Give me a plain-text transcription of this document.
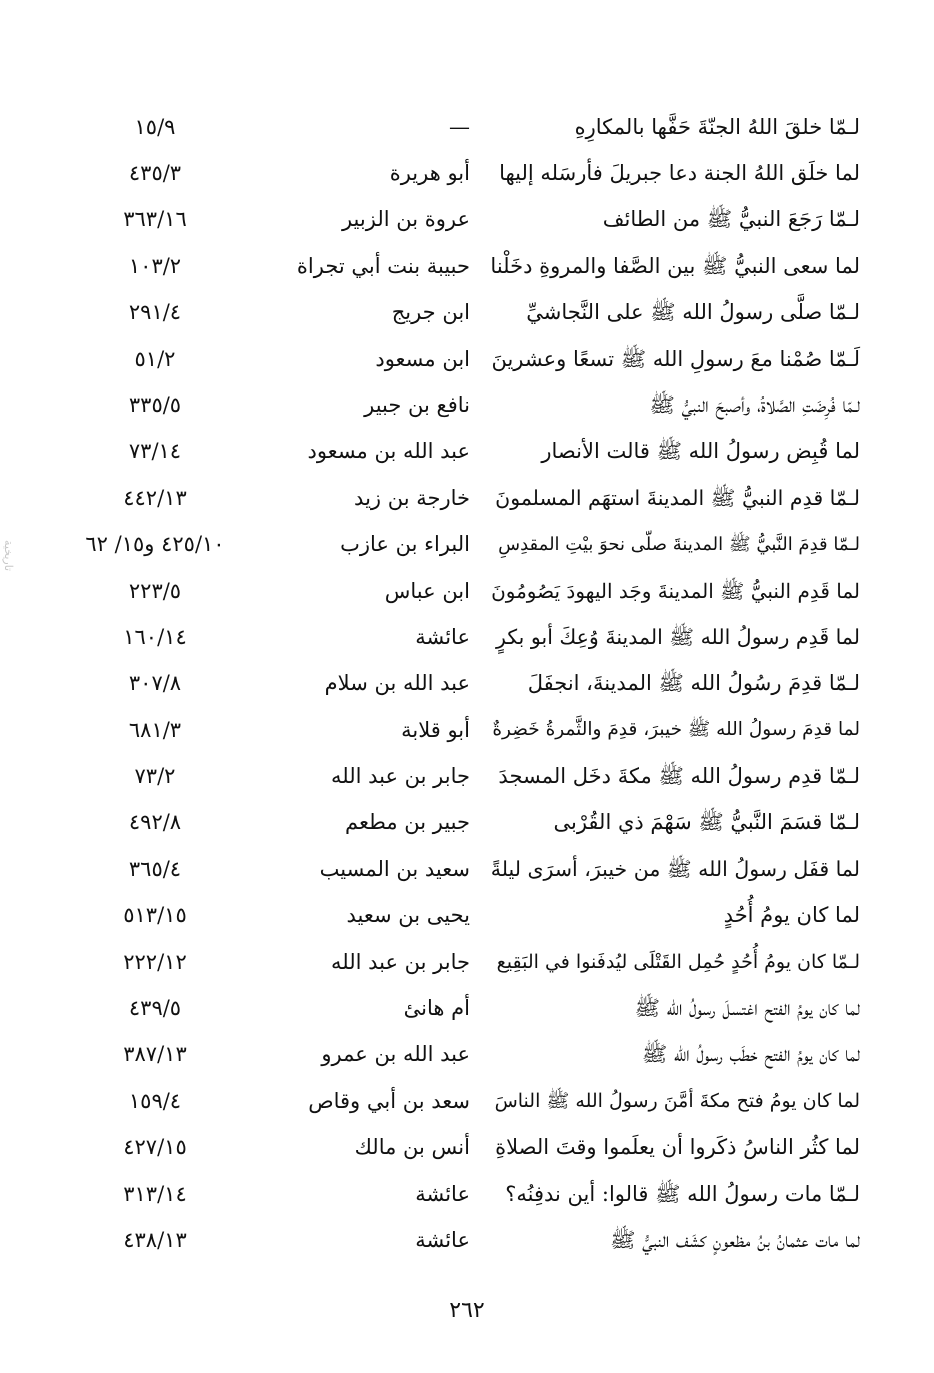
لـمّا خلقَ اللهُ الجنّةَ حَفَّها بالمكارِهِ
—
١٥/٩
لما خلَق اللهُ الجنة دعا جبريلَ فأرسَله إليها
أبو هريرة
٤٣٥/٣
لـمّا رَجَعَ النبيُّ ﷺ من الطائف
عروة بن الزبير
٣٦٣/١٦
لما سعى النبيُّ ﷺ بين الصَّفا والمروةِ دخَلْنا
حبيبة بنت أبي تجراة
١٠٣/٢
لـمّا صلَّى رسولُ الله ﷺ على النَّجاشيِّ
ابن جريج
٢٩١/٤
لَـمّا صُمْنا معَ رسولِ الله ﷺ تسعًا وعشرينَ
ابن مسعود
٥١/٢
لـمّا فُرِضَتِ الصَّلاةُ، وأصبحَ النبيُّ ﷺ
نافع بن جبير
٣٣٥/٥
لما قُبِض رسولُ الله ﷺ قالت الأنصار
عبد الله بن مسعود
٧٣/١٤
لـمّا قدِم النبيُّ ﷺ المدينةَ استهَم المسلمونَ
خارجة بن زيد
٤٤٢/١٣
لـمّا قدِمَ النَّبيُّ ﷺ المدينةَ صلّى نحوَ بيْتِ المقدِسِ
البراء بن عازب
٤٢٥/١٠ و١٥/ ٦٢
لما قَدِم النبيُّ ﷺ المدينةَ وجَد اليهودَ يَصُومُونَ
ابن عباس
٢٢٣/٥
لما قَدِم رسولُ الله ﷺ المدينةَ وُعِكَ أبو بكرٍ
عائشة
١٦٠/١٤
لـمّا قدِمَ رسُولُ الله ﷺ المدينةَ، انجفَلَ
عبد الله بن سلام
٣٠٧/٨
لما قدِمَ رسولُ الله ﷺ خيبرَ، قدِمَ والثَّمرةُ خَضِرةٌ
أبو قلابة
٦٨١/٣
لـمّا قدِم رسولُ الله ﷺ مكةَ دخَل المسجدَ
جابر بن عبد الله
٧٣/٢
لـمّا قسَمَ النَّبيُّ ﷺ سَهْمَ ذي القُرْبى
جبير بن مطعم
٤٩٢/٨
لما قفَل رسولُ الله ﷺ من خيبرَ، أسرَى ليلةً
سعيد بن المسيب
٣٦٥/٤
لما كان يومُ أُحُدٍ
يحيى بن سعيد
٥١٣/١٥
لـمّا كان يومُ أُحُدٍ حُمِل القَتْلَى ليُدفَنوا في البَقِيع
جابر بن عبد الله
٢٢٢/١٢
لما كان يومُ الفتح اغتسلَ رسولُ الله ﷺ
أم هانئ
٤٣٩/٥
لما كان يومُ الفتح خطَب رسولُ الله ﷺ
عبد الله بن عمرو
٣٨٧/١٣
لما كان يومُ فتح مكةَ أمَّنَ رسولُ الله ﷺ الناسَ
سعد بن أبي وقاص
١٥٩/٤
لما كثُر الناسُ ذكَروا أن يعلَموا وقتَ الصلاةِ
أنس بن مالك
٤٢٧/١٥
لـمّا مات رسولُ الله ﷺ قالوا: أين ندفِنُه؟
عائشة
٣١٣/١٤
لما مات عثمانُ بنُ مظعونٍ كشَف النبيُّ ﷺ
عائشة
٤٣٨/١٣
٢٦٢
تاريخية
